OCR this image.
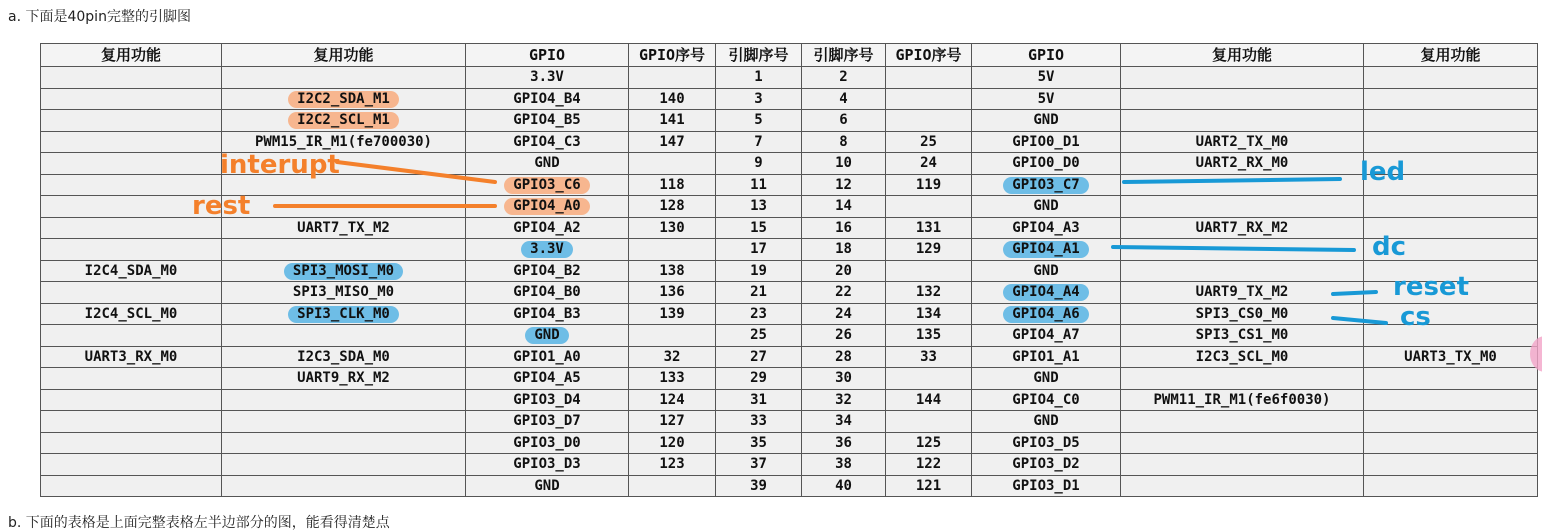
a. 下面是40pin完整的引脚图
复用功能	复用功能	GPIO	GPIO序号	引脚序号	引脚序号	GPIO序号	GPIO	复用功能	复用功能
		3.3V		1	2		5V		
	I2C2_SDA_M1	GPIO4_B4	140	3	4		5V		
	I2C2_SCL_M1	GPIO4_B5	141	5	6		GND		
	PWM15_IR_M1(fe700030)	GPIO4_C3	147	7	8	25	GPIO0_D1	UART2_TX_M0	
		GND		9	10	24	GPIO0_D0	UART2_RX_M0	
		GPIO3_C6	118	11	12	119	GPIO3_C7		
		GPIO4_A0	128	13	14		GND		
	UART7_TX_M2	GPIO4_A2	130	15	16	131	GPIO4_A3	UART7_RX_M2	
		3.3V		17	18	129	GPIO4_A1		
I2C4_SDA_M0	SPI3_MOSI_M0	GPIO4_B2	138	19	20		GND		
	SPI3_MISO_M0	GPIO4_B0	136	21	22	132	GPIO4_A4	UART9_TX_M2	
I2C4_SCL_M0	SPI3_CLK_M0	GPIO4_B3	139	23	24	134	GPIO4_A6	SPI3_CS0_M0	
		GND		25	26	135	GPIO4_A7	SPI3_CS1_M0	
UART3_RX_M0	I2C3_SDA_M0	GPIO1_A0	32	27	28	33	GPIO1_A1	I2C3_SCL_M0	UART3_TX_M0
	UART9_RX_M2	GPIO4_A5	133	29	30		GND		
		GPIO3_D4	124	31	32	144	GPIO4_C0	PWM11_IR_M1(fe6f0030)	
		GPIO3_D7	127	33	34		GND		
		GPIO3_D0	120	35	36	125	GPIO3_D5		
		GPIO3_D3	123	37	38	122	GPIO3_D2		
		GND		39	40	121	GPIO3_D1		
interupt
rest
led
dc
reset
cs
b. 下面的表格是上面完整表格左半边部分的图，能看得清楚点
